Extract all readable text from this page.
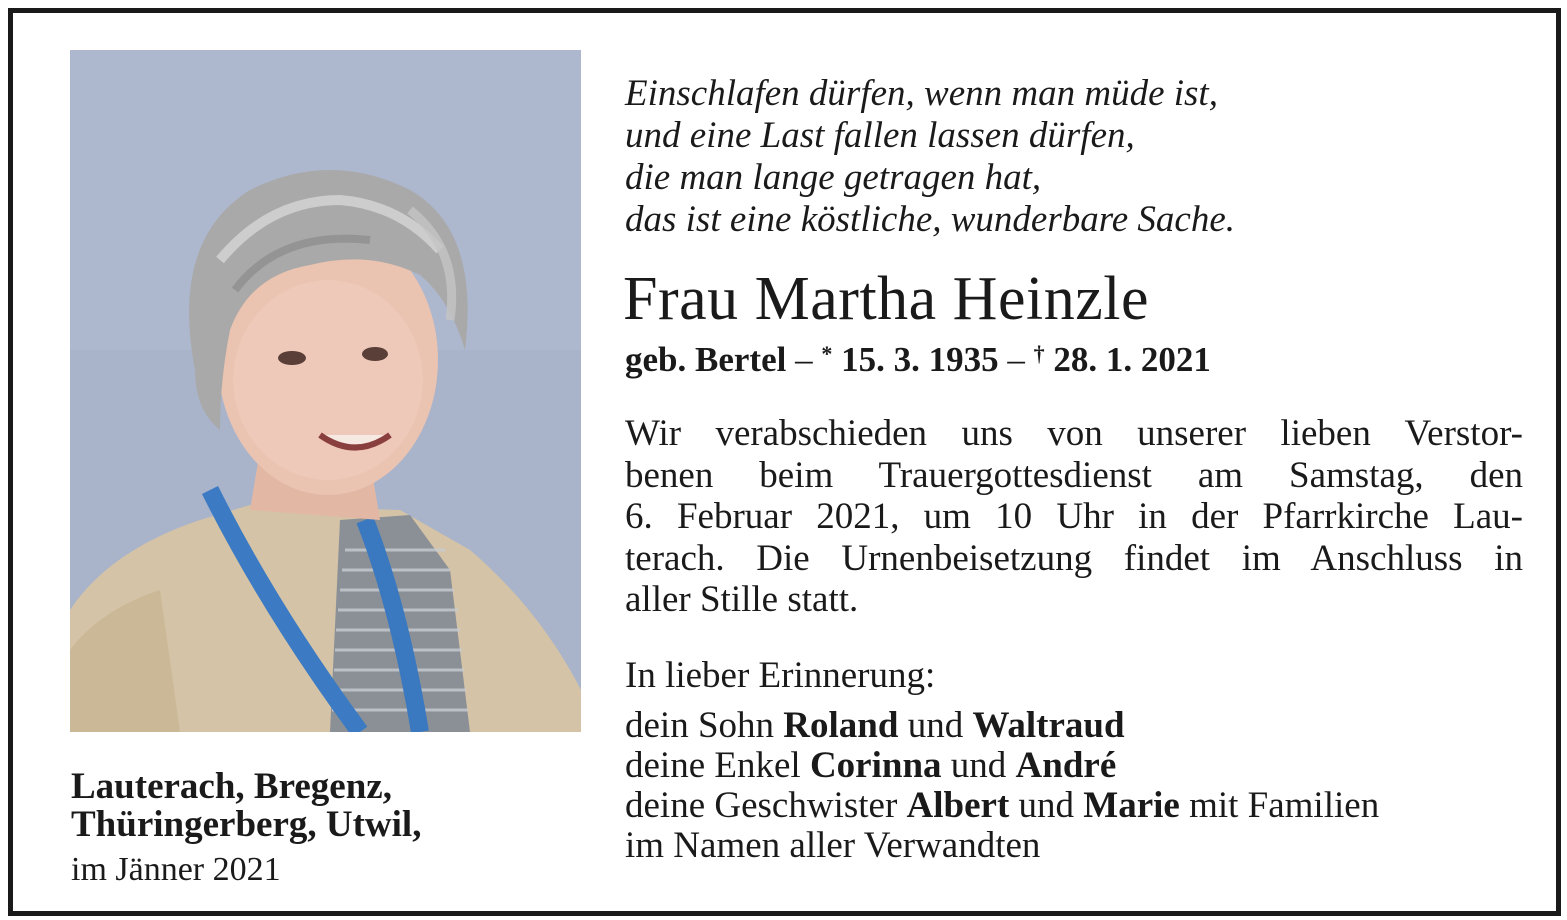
Lauterach, Bregenz,
Thüringerberg, Utwil,
im Jänner 2021
Einschlafen dürfen, wenn man müde ist,
und eine Last fallen lassen dürfen,
die man lange getragen hat,
das ist eine köstliche, wunderbare Sache.
Frau Martha Heinzle
geb. Bertel – * 15. 3. 1935 – † 28. 1. 2021
Wir verabschieden uns von unserer lieben Verstor-
benen beim Trauergottesdienst am Samstag, den
6. Februar 2021, um 10 Uhr in der Pfarrkirche Lau-
terach. Die Urnenbeisetzung findet im Anschluss in
aller Stille statt.
In lieber Erinnerung:
dein Sohn Roland und Waltraud
deine Enkel Corinna und André
deine Geschwister Albert und Marie mit Familien
im Namen aller Verwandten
